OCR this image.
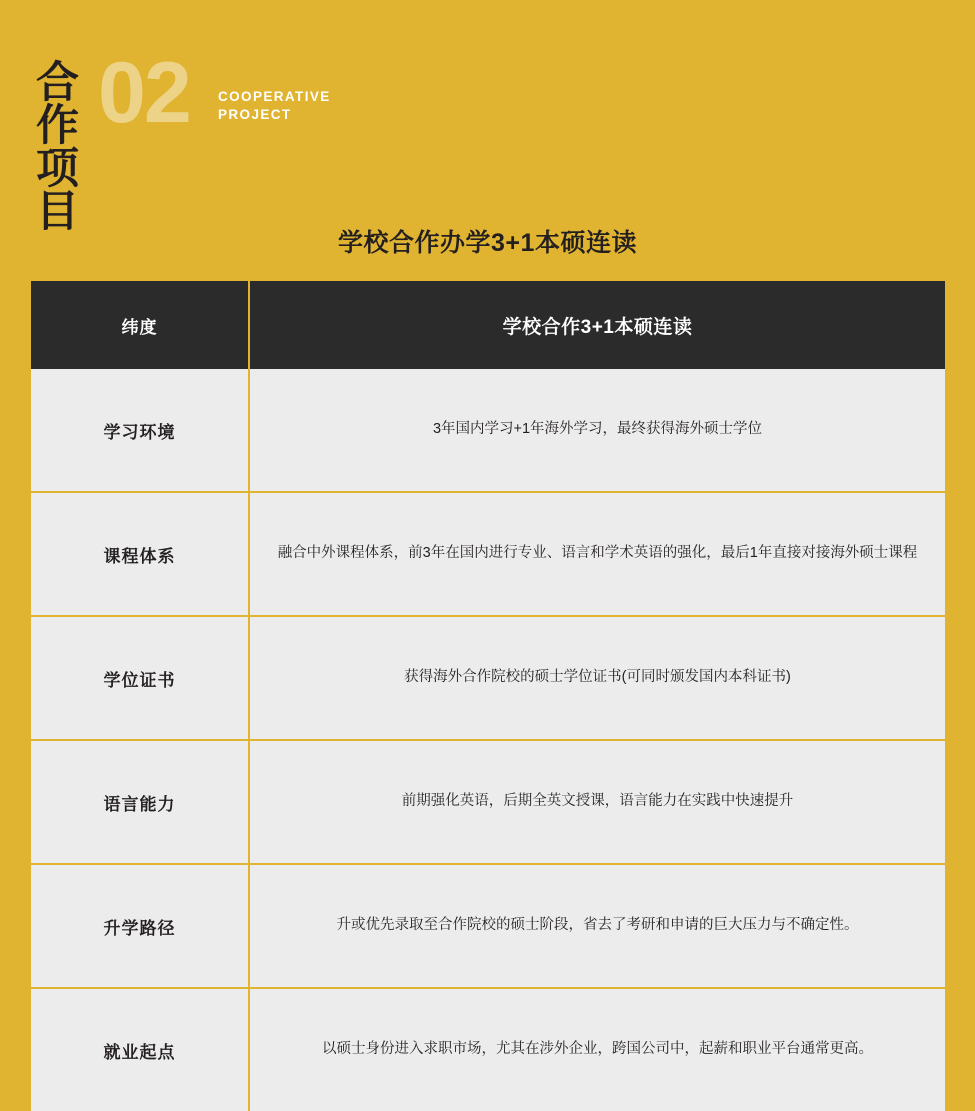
02
合作项目
COOPERATIVE
PROJECT
学校合作办学3+1本硕连读
纬度	学校合作3+1本硕连读
学习环境	3年国内学习+1年海外学习，最终获得海外硕士学位
课程体系	融合中外课程体系，前3年在国内进行专业、语言和学术英语的强化，最后1年直接对接海外硕士课程
学位证书	获得海外合作院校的硕士学位证书(可同时颁发国内本科证书)
语言能力	前期强化英语，后期全英文授课，语言能力在实践中快速提升
升学路径	升或优先录取至合作院校的硕士阶段，省去了考研和申请的巨大压力与不确定性。
就业起点	以硕士身份进入求职市场，尤其在涉外企业，跨国公司中，起薪和职业平台通常更高。
